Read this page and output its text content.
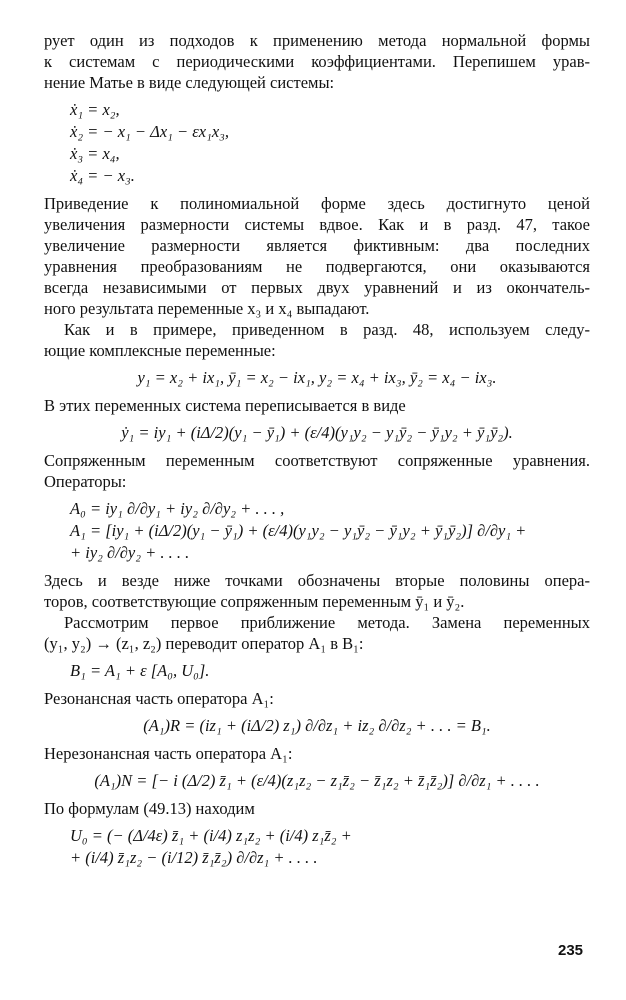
рует один из подходов к применению метода нормальной формы
к системам с периодическими коэффициентами. Перепишем урав-
нение Матье в виде следующей системы:
ẋ₁ = x₂,
ẋ₂ = − x₁ − Δx₁ − εx₁x₃,
ẋ₃ = x₄,
ẋ₄ = − x₃.
Приведение к полиномиальной форме здесь достигнуто ценой
увеличения размерности системы вдвое. Как и в разд. 47, такое
увеличение размерности является фиктивным: два последних
уравнения преобразованиям не подвергаются, они оказываются
всегда независимыми от первых двух уравнений и из окончатель-
ного результата переменные x₃ и x₄ выпадают.
Как и в примере, приведенном в разд. 48, используем следу-
ющие комплексные переменные:
y₁ = x₂ + ix₁, ȳ₁ = x₂ − ix₁, y₂ = x₄ + ix₃, ȳ₂ = x₄ − ix₃.
В этих переменных система переписывается в виде
ẏ₁ = iy₁ + (iΔ/2)(y₁ − ȳ₁) + (ε/4)(y₁y₂ − y₁ȳ₂ − ȳ₁y₂ + ȳ₁ȳ₂).
Сопряженным переменным соответствуют сопряженные уравнения.
Операторы:
A₀ = iy₁ ∂/∂y₁ + iy₂ ∂/∂y₂ + . . . ,
A₁ = [iy₁ + (iΔ/2)(y₁ − ȳ₁) + (ε/4)(y₁y₂ − y₁ȳ₂ − ȳ₁y₂ + ȳ₁ȳ₂)] ∂/∂y₁ +
+ iy₂ ∂/∂y₂ + . . . .
Здесь и везде ниже точками обозначены вторые половины опера-
торов, соответствующие сопряженным переменным ȳ₁ и ȳ₂.
Рассмотрим первое приближение метода. Замена переменных
(y₁, y₂) → (z₁, z₂) переводит оператор A₁ в B₁:
B₁ = A₁ + ε [A₀, U₀].
Резонансная часть оператора A₁:
(A₁)R = (iz₁ + (iΔ/2) z₁) ∂/∂z₁ + iz₂ ∂/∂z₂ + . . . = B₁.
Нерезонансная часть оператора A₁:
(A₁)N = [− i (Δ/2) z̄₁ + (ε/4)(z₁z₂ − z₁z̄₂ − z̄₁z₂ + z̄₁z̄₂)] ∂/∂z₁ + . . . .
По формулам (49.13) находим
U₀ = (− (Δ/4ε) z̄₁ + (i/4) z₁z₂ + (i/4) z₁z̄₂ +
+ (i/4) z̄₁z₂ − (i/12) z̄₁z̄₂) ∂/∂z₁ + . . . .
235
